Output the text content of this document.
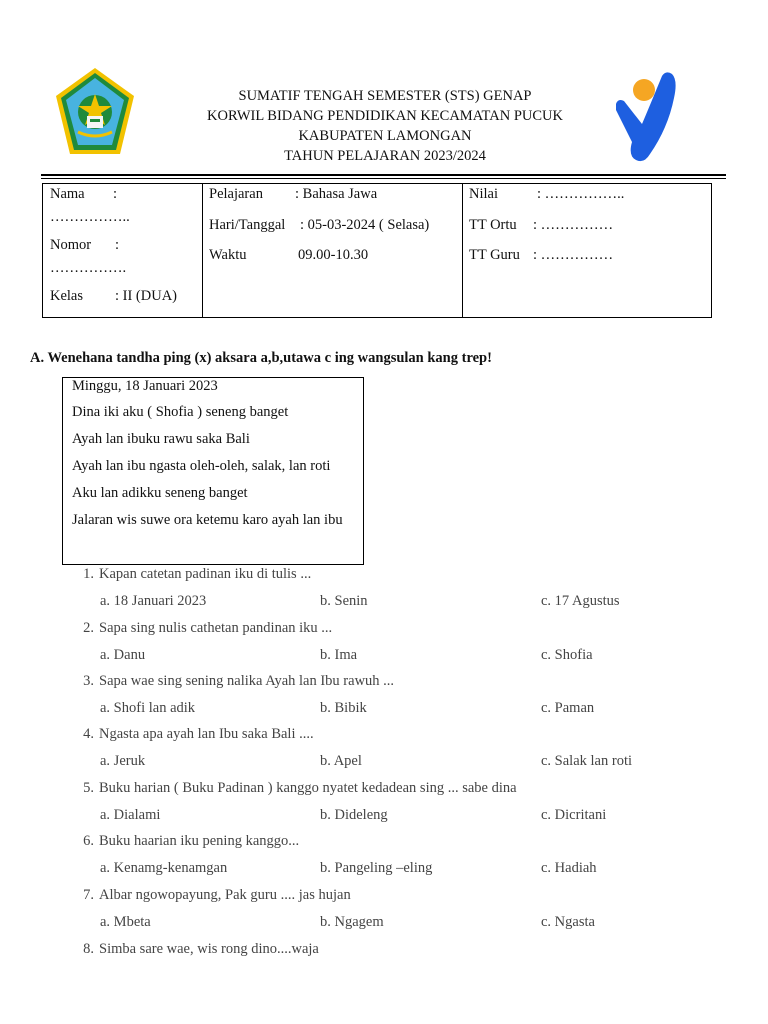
SUMATIF TENGAH SEMESTER (STS) GENAP
KORWIL BIDANG PENDIDIKAN KECAMATAN PUCUK
KABUPATEN LAMONGAN
TAHUN PELAJARAN 2023/2024
Nama :
……………..
Nomor :
…………….
Kelas : II (DUA)

Pelajaran : Bahasa Jawa
Hari/Tanggal : 05-03-2024 ( Selasa)
Waktu	09.00-10.30

Nilai	: ……………..
TT Ortu : ……………
TT Guru : ……………
A. Wenehana tandha ping (x) aksara a,b,utawa c ing wangsulan kang trep!
Minggu, 18 Januari 2023
Dina iki aku ( Shofia ) seneng banget
Ayah lan ibuku rawu saka Bali
Ayah lan ibu ngasta oleh-oleh, salak, lan roti
Aku lan adikku seneng banget
Jalaran wis suwe ora ketemu karo ayah lan ibu
1. Kapan catetan padinan iku di tulis ...
a. 18 Januari 2023	b. Senin	c. 17 Agustus
2. Sapa sing nulis cathetan pandinan iku ...
a. Danu	b. Ima	c. Shofia
3. Sapa wae sing sening nalika Ayah lan Ibu rawuh ...
a. Shofi lan adik	b. Bibik	c. Paman
4. Ngasta apa ayah lan Ibu saka Bali ....
a. Jeruk	b. Apel	c. Salak lan roti
5. Buku harian ( Buku Padinan ) kanggo nyatet kedadean sing ... sabe dina
a. Dialami	b. Dideleng	c. Dicritani
6. Buku haarian iku pening kanggo...
a. Kenamg-kenamgan	b. Pangeling –eling	c. Hadiah
7. Albar ngowopayung, Pak guru .... jas hujan
a. Mbeta	b. Ngagem	c. Ngasta
8. Simba sare wae, wis rong dino....waja
